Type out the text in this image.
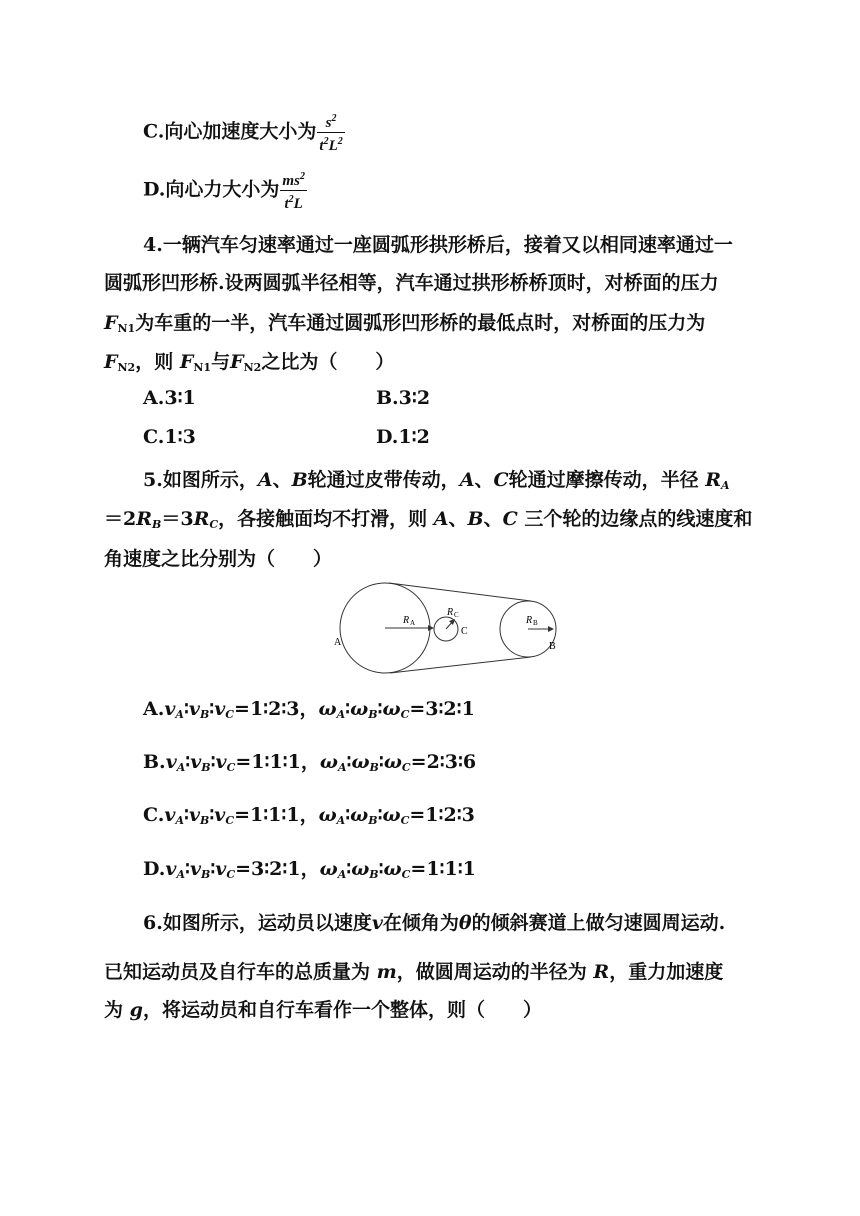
C.向心加速度大小为 $\frac{s^2}{t^2L^2}$
D.向心力大小为 $\frac{ms^2}{t^2L}$
4.一辆汽车匀速率通过一座圆弧形拱形桥后，接着又以相同速率通过一
圆弧形凹形桥.设两圆弧半径相等，汽车通过拱形桥桥顶时，对桥面的压力
$F_{N1}$为车重的一半，汽车通过圆弧形凹形桥的最低点时，对桥面的压力为
$F_{N2}$，则 $F_{N1}$与$F_{N2}$之比为（　　）
A.3∶1	B.3∶2
C.1∶3	D.1∶2
5.如图所示，A、B轮通过皮带传动，A、C轮通过摩擦传动，半径 $R_A$
$=2R_B=3R_C$，各接触面均不打滑，则 A、B、C 三个轮的边缘点的线速度和
角速度之比分别为（　　）
R A
R C	R B
A	B
C
$A.v_A∶v_B∶v_C=1∶2∶3$，$\omega_A∶\omega_B∶\omega_C=3∶2∶1$
$B.v_A∶v_B∶v_C=1∶1∶1$，$\omega_A∶\omega_B∶\omega_C=2∶3∶6$
$C.v_A∶v_B∶v_C=1∶1∶1$，$\omega_A∶\omega_B∶\omega_C=1∶2∶3$
$D.v_A∶v_B∶v_C=3∶2∶1$，$\omega_A∶\omega_B∶\omega_C=1∶1∶1$
6.如图所示，运动员以速度v在倾角为θ的倾斜赛道上做匀速圆周运动.
已知运动员及自行车的总质量为 m，做圆周运动的半径为 R，重力加速度
为 g，将运动员和自行车看作一个整体，则（　　）
